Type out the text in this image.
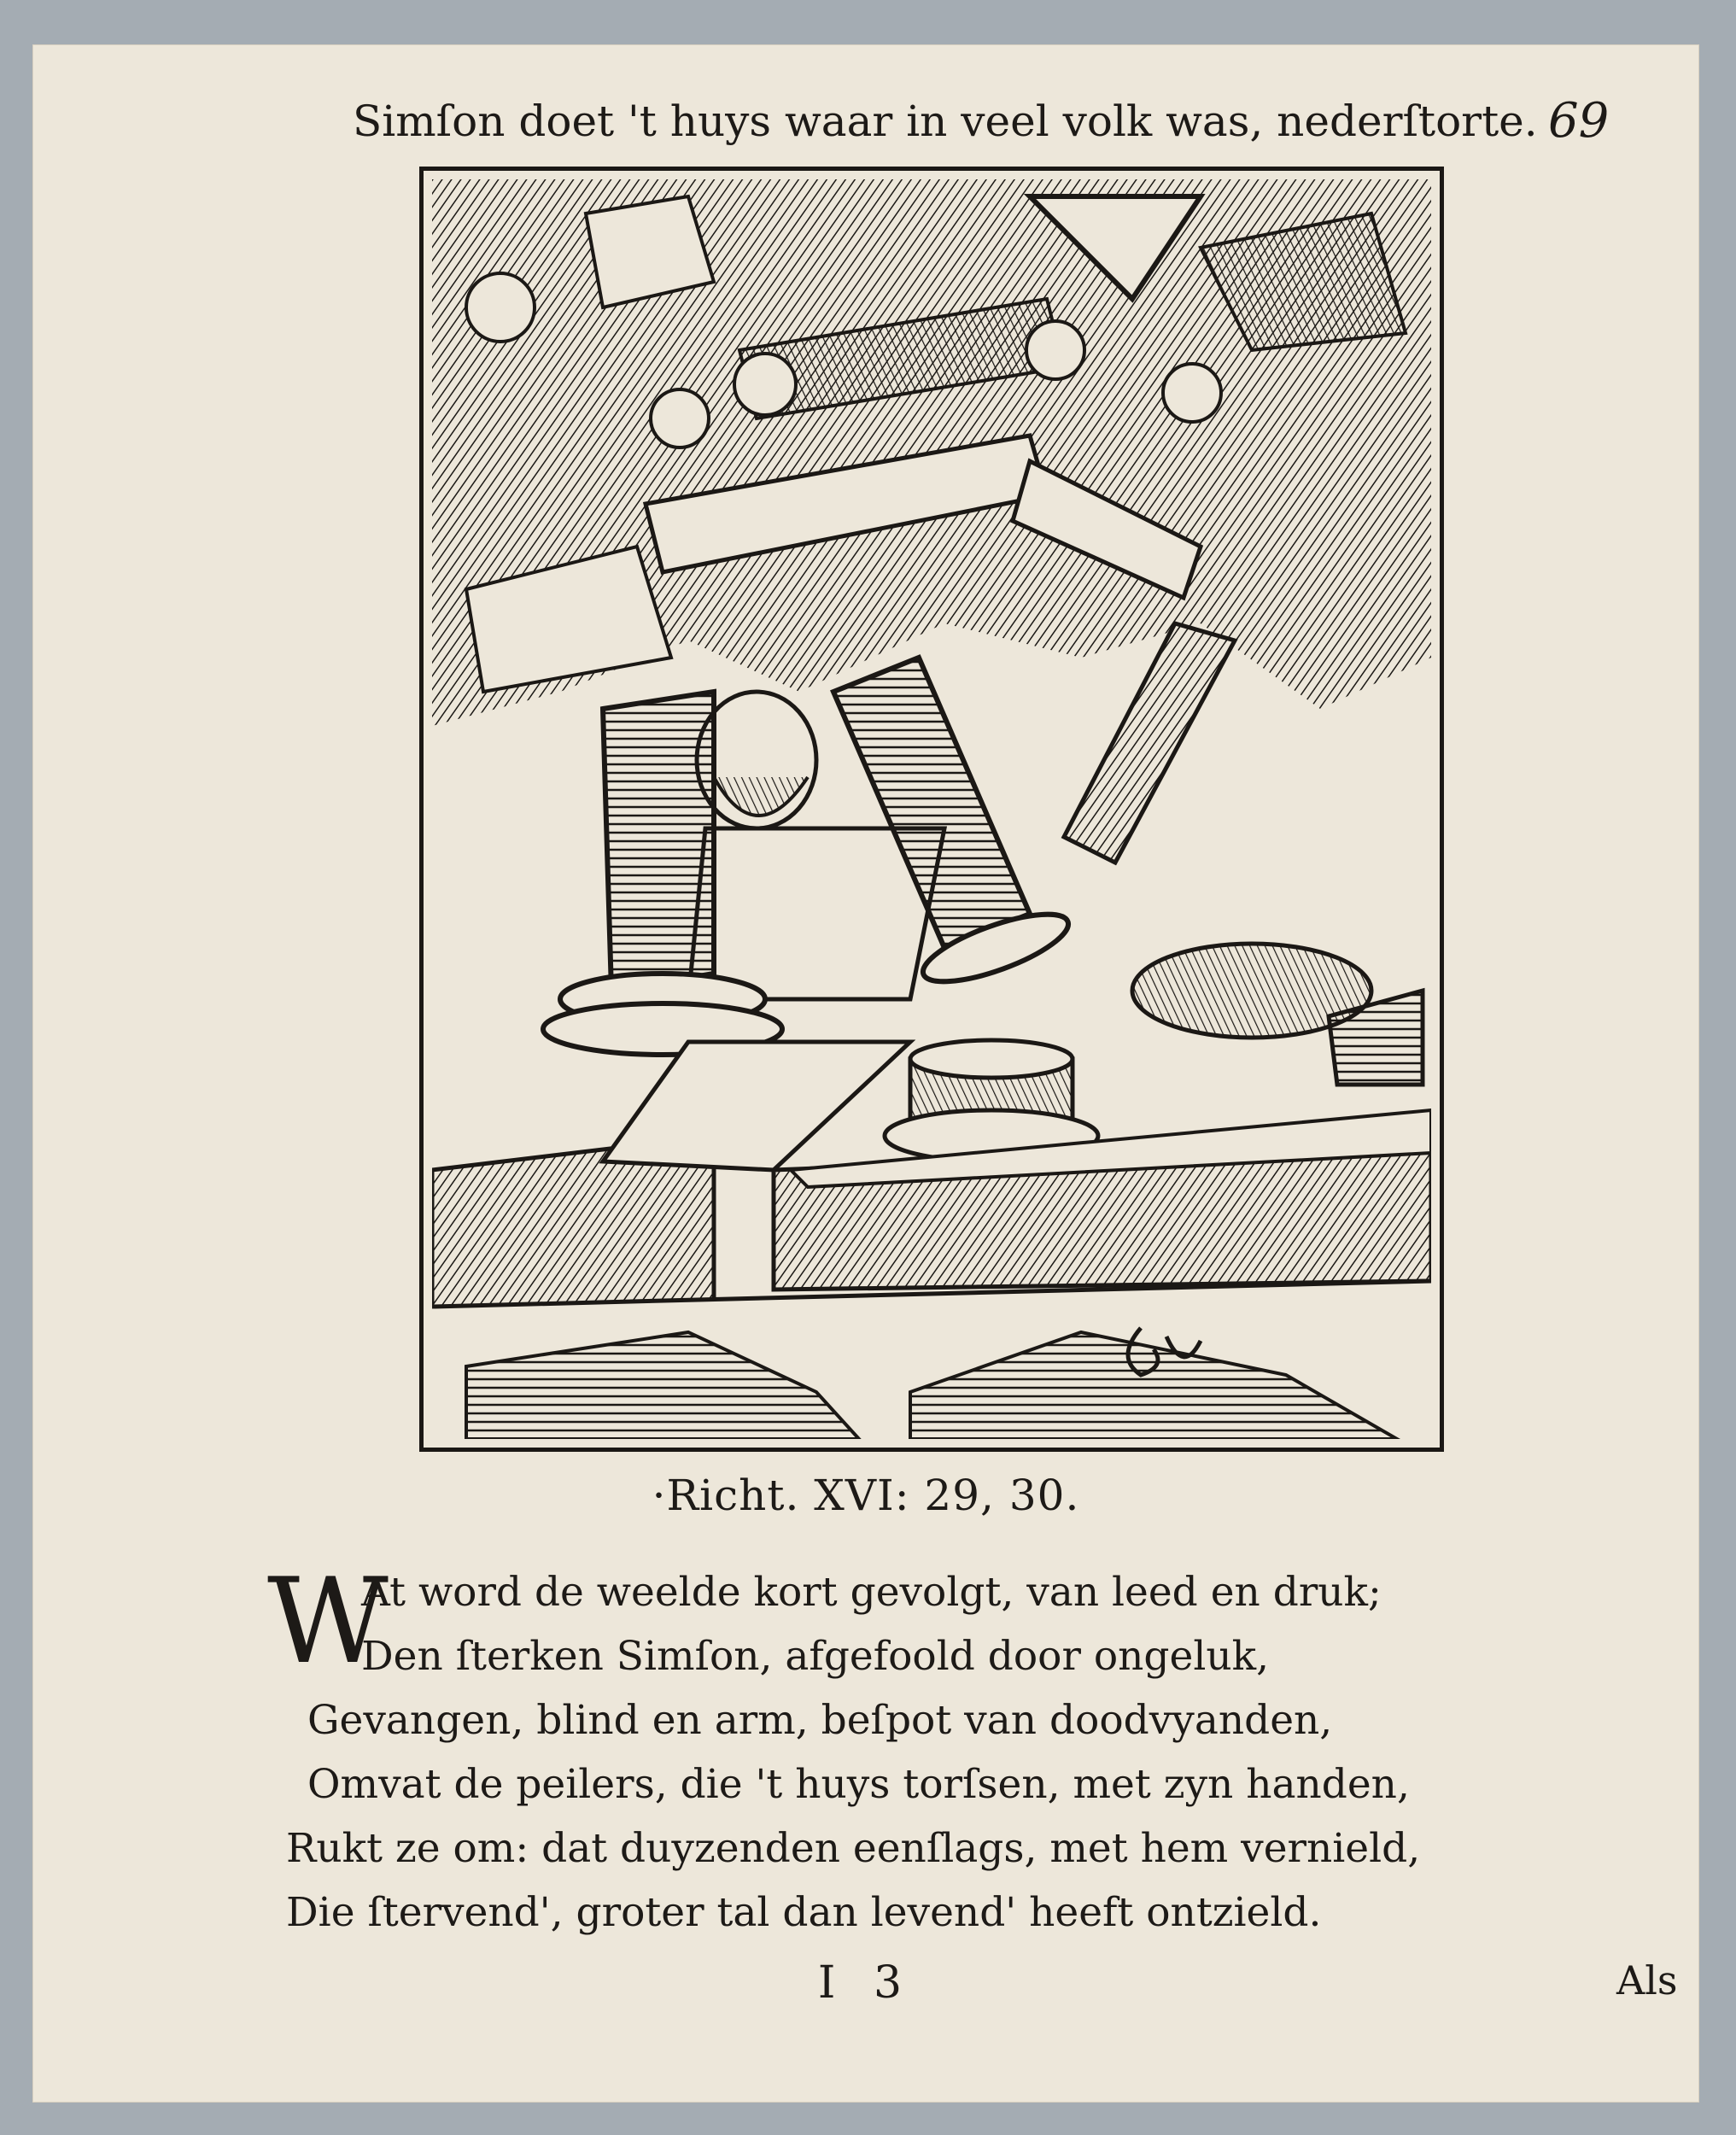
Simſon doet 't huys waar in veel volk was, nederſtorte. 69
·Richt. XVI: 29, 30.
W
At word de weelde kort gevolgt, van leed en druk;
Den ſterken Simſon, afgefoold door ongeluk,
Gevangen, blind en arm, beſpot van doodvyanden,
Omvat de peilers, die 't huys torſsen, met zyn handen,
Rukt ze om: dat duyzenden eenſlags, met hem vernield,
Die ſtervend', groter tal dan levend' heeft ontzield.
I 3	Als
